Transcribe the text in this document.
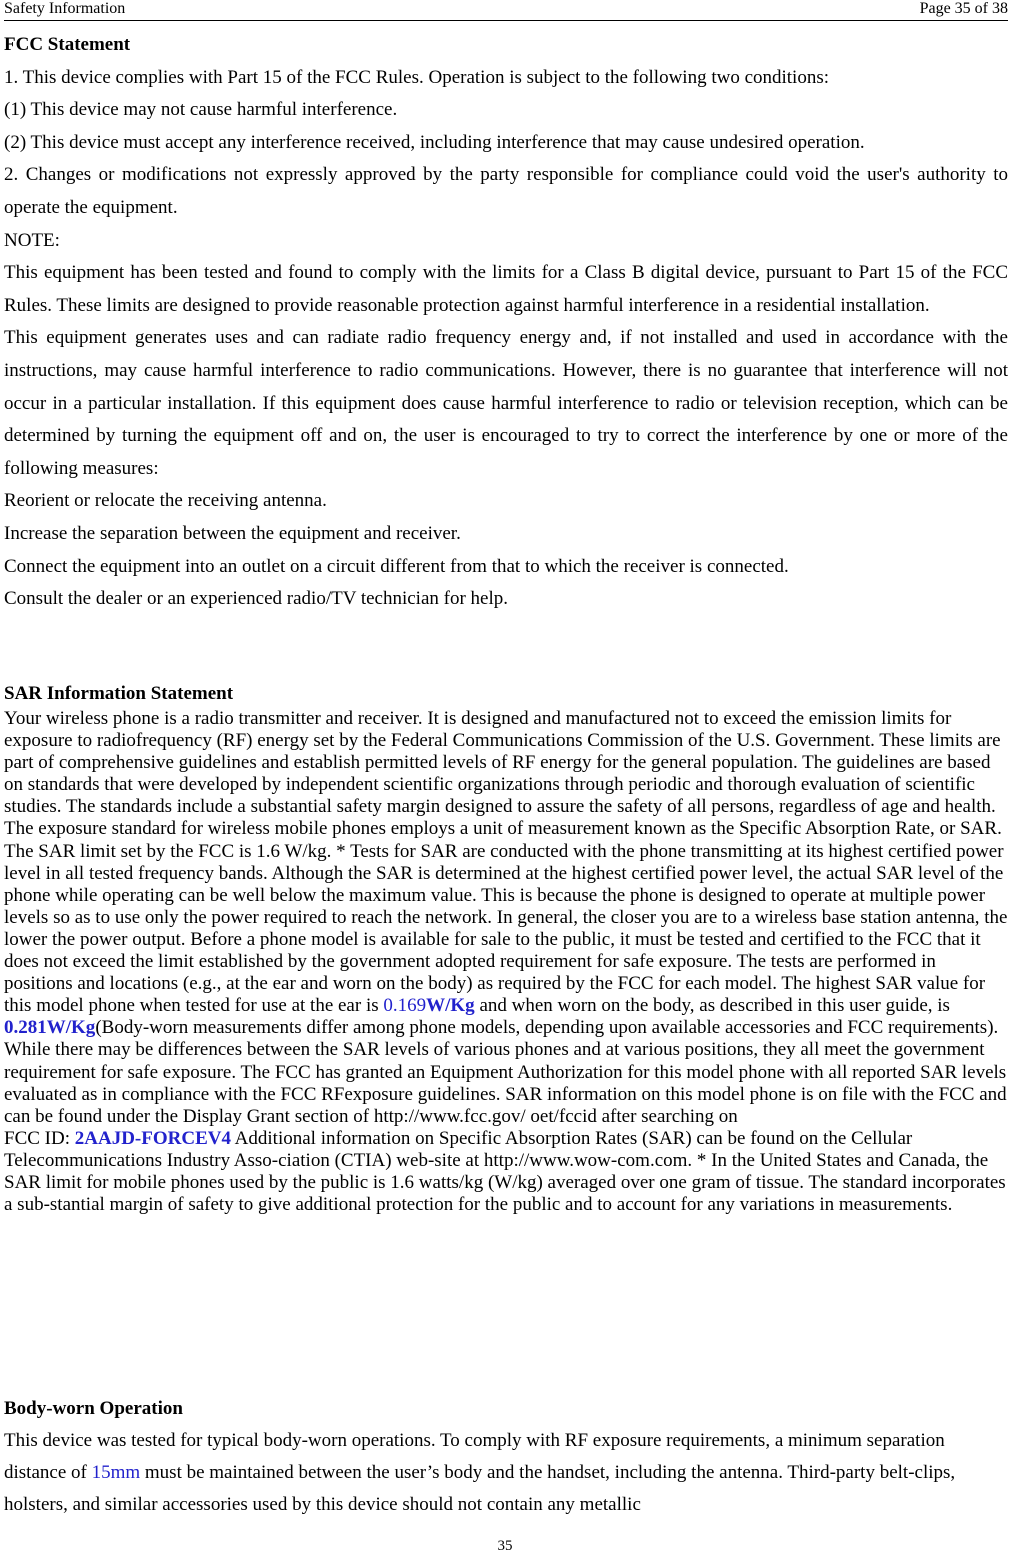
Safety Information	Page 35 of 38

FCC Statement

1. This device complies with Part 15 of the FCC Rules. Operation is subject to the following two conditions:

(1) This device may not cause harmful interference.

(2) This device must accept any interference received, including interference that may cause undesired operation.

2. Changes or modifications not expressly approved by the party responsible for compliance could void the user's authority to operate the equipment.

NOTE:

This equipment has been tested and found to comply with the limits for a Class B digital device, pursuant to Part 15 of the FCC Rules. These limits are designed to provide reasonable protection against harmful interference in a residential installation.

This equipment generates uses and can radiate radio frequency energy and, if not installed and used in accordance with the instructions, may cause harmful interference to radio communications. However, there is no guarantee that interference will not occur in a particular installation. If this equipment does cause harmful interference to radio or television reception, which can be determined by turning the equipment off and on, the user is encouraged to try to correct the interference by one or more of the following measures:

Reorient or relocate the receiving antenna.

Increase the separation between the equipment and receiver.

Connect the equipment into an outlet on a circuit different from that to which the receiver is connected.

Consult the dealer or an experienced radio/TV technician for help.

SAR Information Statement

Your wireless phone is a radio transmitter and receiver. It is designed and manufactured not to exceed the emission limits for exposure to radiofrequency (RF) energy set by the Federal Communications Commission of the U.S. Government. These limits are part of comprehensive guidelines and establish permitted levels of RF energy for the general population. The guidelines are based on standards that were developed by independent scientific organizations through periodic and thorough evaluation of scientific studies. The standards include a substantial safety margin designed to assure the safety of all persons, regardless of age and health. The exposure standard for wireless mobile phones employs a unit of measurement known as the Specific Absorption Rate, or SAR. The SAR limit set by the FCC is 1.6 W/kg. * Tests for SAR are conducted with the phone transmitting at its highest certified power level in all tested frequency bands. Although the SAR is determined at the highest certified power level, the actual SAR level of the phone while operating can be well below the maximum value. This is because the phone is designed to operate at multiple power levels so as to use only the power required to reach the network. In general, the closer you are to a wireless base station antenna, the lower the power output. Before a phone model is available for sale to the public, it must be tested and certified to the FCC that it does not exceed the limit established by the government adopted requirement for safe exposure. The tests are performed in positions and locations (e.g., at the ear and worn on the body) as required by the FCC for each model. The highest SAR value for this model phone when tested for use at the ear is 0.169W/Kg and when worn on the body, as described in this user guide, is 0.281W/Kg(Body-worn measurements differ among phone models, depending upon available accessories and FCC requirements). While there may be differences between the SAR levels of various phones and at various positions, they all meet the government requirement for safe exposure. The FCC has granted an Equipment Authorization for this model phone with all reported SAR levels evaluated as in compliance with the FCC RFexposure guidelines. SAR information on this model phone is on file with the FCC and can be found under the Display Grant section of http://www.fcc.gov/ oet/fccid after searching on
FCC ID: 2AAJD-FORCEV4 Additional information on Specific Absorption Rates (SAR) can be found on the Cellular Telecommunications Industry Asso-ciation (CTIA) web-site at http://www.wow-com.com. * In the United States and Canada, the SAR limit for mobile phones used by the public is 1.6 watts/kg (W/kg) averaged over one gram of tissue. The standard incorporates a sub-stantial margin of safety to give additional protection for the public and to account for any variations in measurements.

Body-worn Operation

This device was tested for typical body-worn operations. To comply with RF exposure requirements, a minimum separation distance of 15mm must be maintained between the user’s body and the handset, including the antenna. Third-party belt-clips, holsters, and similar accessories used by this device should not contain any metallic

35
